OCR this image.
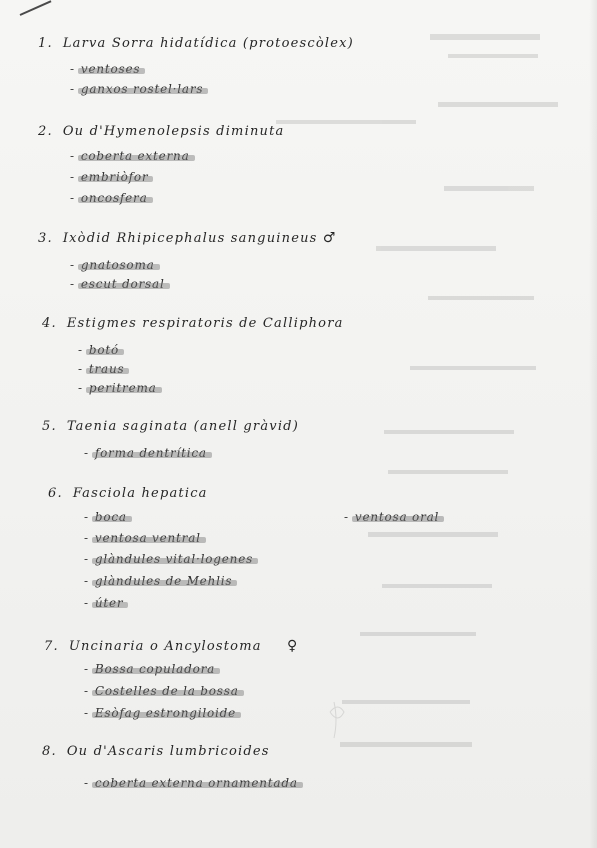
1. Larva Sorra hidatídica (protoescòlex)
- ventoses
- ganxos rostel·lars
2. Ou d'Hymenolepsis diminuta
- coberta externa
- embriòfor
- oncosfera
3. Ixòdid Rhipicephalus sanguineus ♂
- gnatosoma
- escut dorsal
4. Estigmes respiratoris de Calliphora
- botó
- traus
- peritrema
5. Taenia saginata (anell gràvid)
- forma dentrítica
6. Fasciola hepatica
- boca
- ventosa ventral
- glàndules vital·logenes
- glàndules de Mehlis
- úter
- ventosa oral
7. Uncinaria o Ancylostoma ♀
- Bossa copuladora
- Costelles de la bossa
- Esòfag estrongiloide
8. Ou d'Ascaris lumbricoides
- coberta externa ornamentada
